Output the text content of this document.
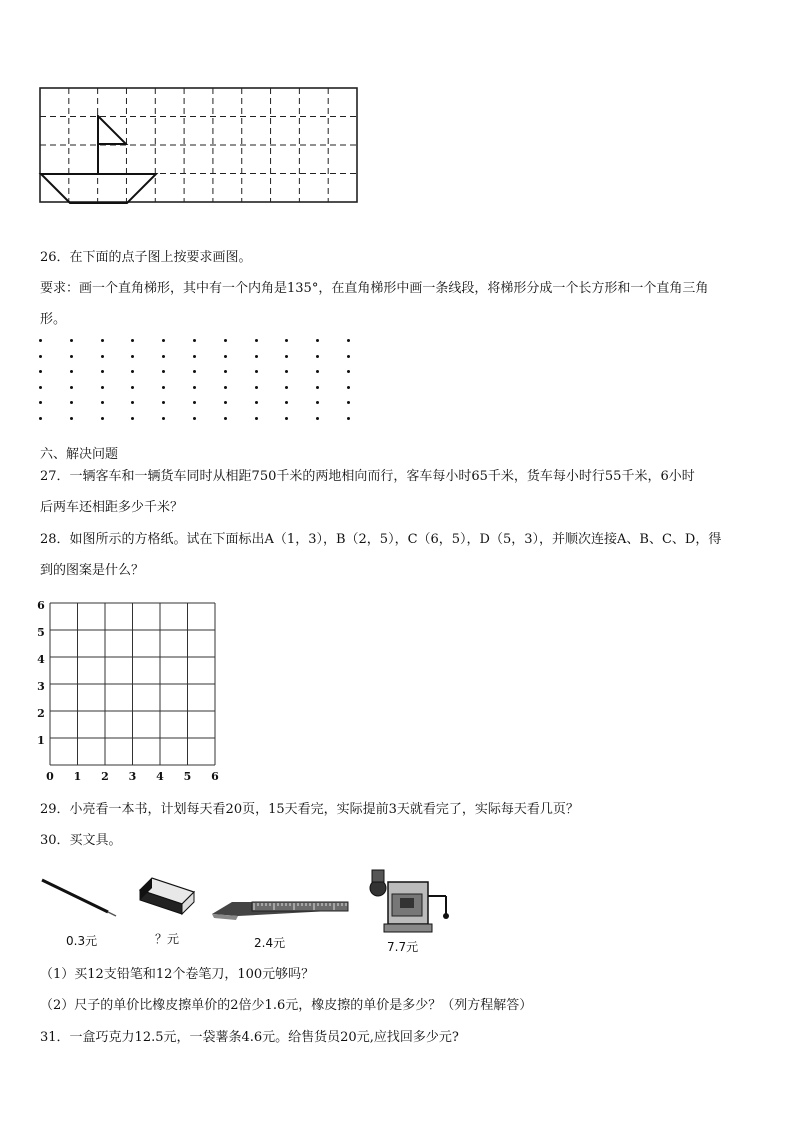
26．在下面的点子图上按要求画图。
要求：画一个直角梯形，其中有一个内角是135°，在直角梯形中画一条线段，将梯形分成一个长方形和一个直角三角
形。
六、解决问题
27．一辆客车和一辆货车同时从相距750千米的两地相向而行，客车每小时65千米，货车每小时行55千米，6小时
后两车还相距多少千米？
28．如图所示的方格纸。试在下面标出A（1，3），B（2，5），C（6，5），D（5，3），并顺次连接A、B、C、D，得
到的图案是什么？
0 1 2 3 4 5 6
1
2
3
4
5
6
29．小亮看一本书，计划每天看20页，15天看完，实际提前3天就看完了，实际每天看几页？
30．买文具。
0.3元	？元	2.4元	7.7元
（1）买12支铅笔和12个卷笔刀，100元够吗？
（2）尺子的单价比橡皮擦单价的2倍少1.6元，橡皮擦的单价是多少？（列方程解答）
31．一盒巧克力12.5元，一袋薯条4.6元。给售货员20元,应找回多少元?
